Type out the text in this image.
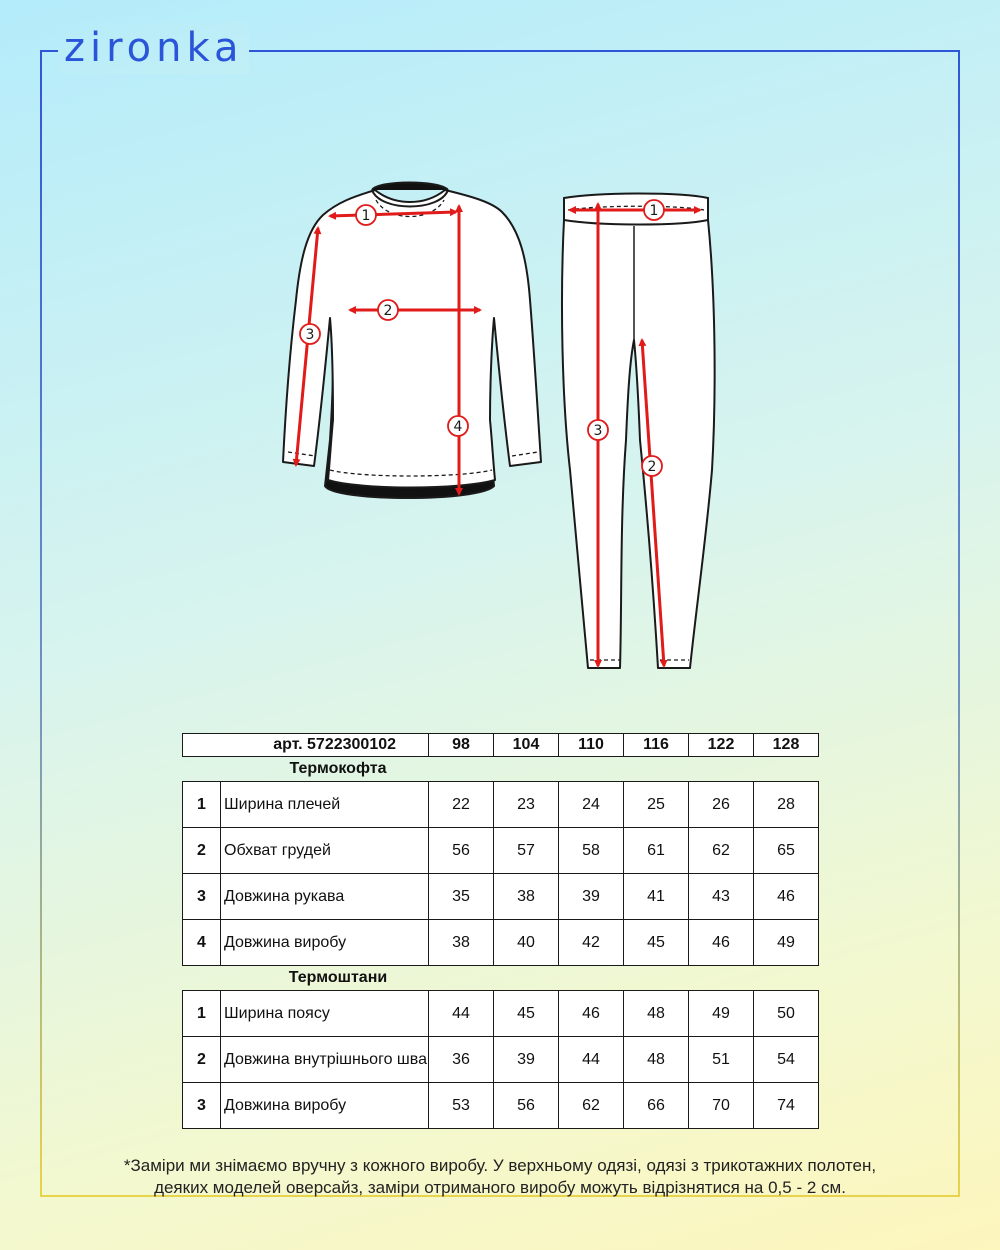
zironka
1
2
3
4
1
2
3
арт. 5722300102		98	104	110	116	122	128
Термокофта							
1	Ширина плечей	22	23	24	25	26	28
2	Обхват грудей	56	57	58	61	62	65
3	Довжина рукава	35	38	39	41	43	46
4	Довжина виробу	38	40	42	45	46	49
Термоштани							
1	Ширина поясу	44	45	46	48	49	50
2	Довжина внутрішнього шва	36	39	44	48	51	54
3	Довжина виробу	53	56	62	66	70	74
*Заміри ми знімаємо вручну з кожного виробу. У верхньому одязі, одязі з трикотажних полотен,
деяких моделей оверсайз, заміри отриманого виробу можуть відрізнятися на 0,5 - 2 см.
